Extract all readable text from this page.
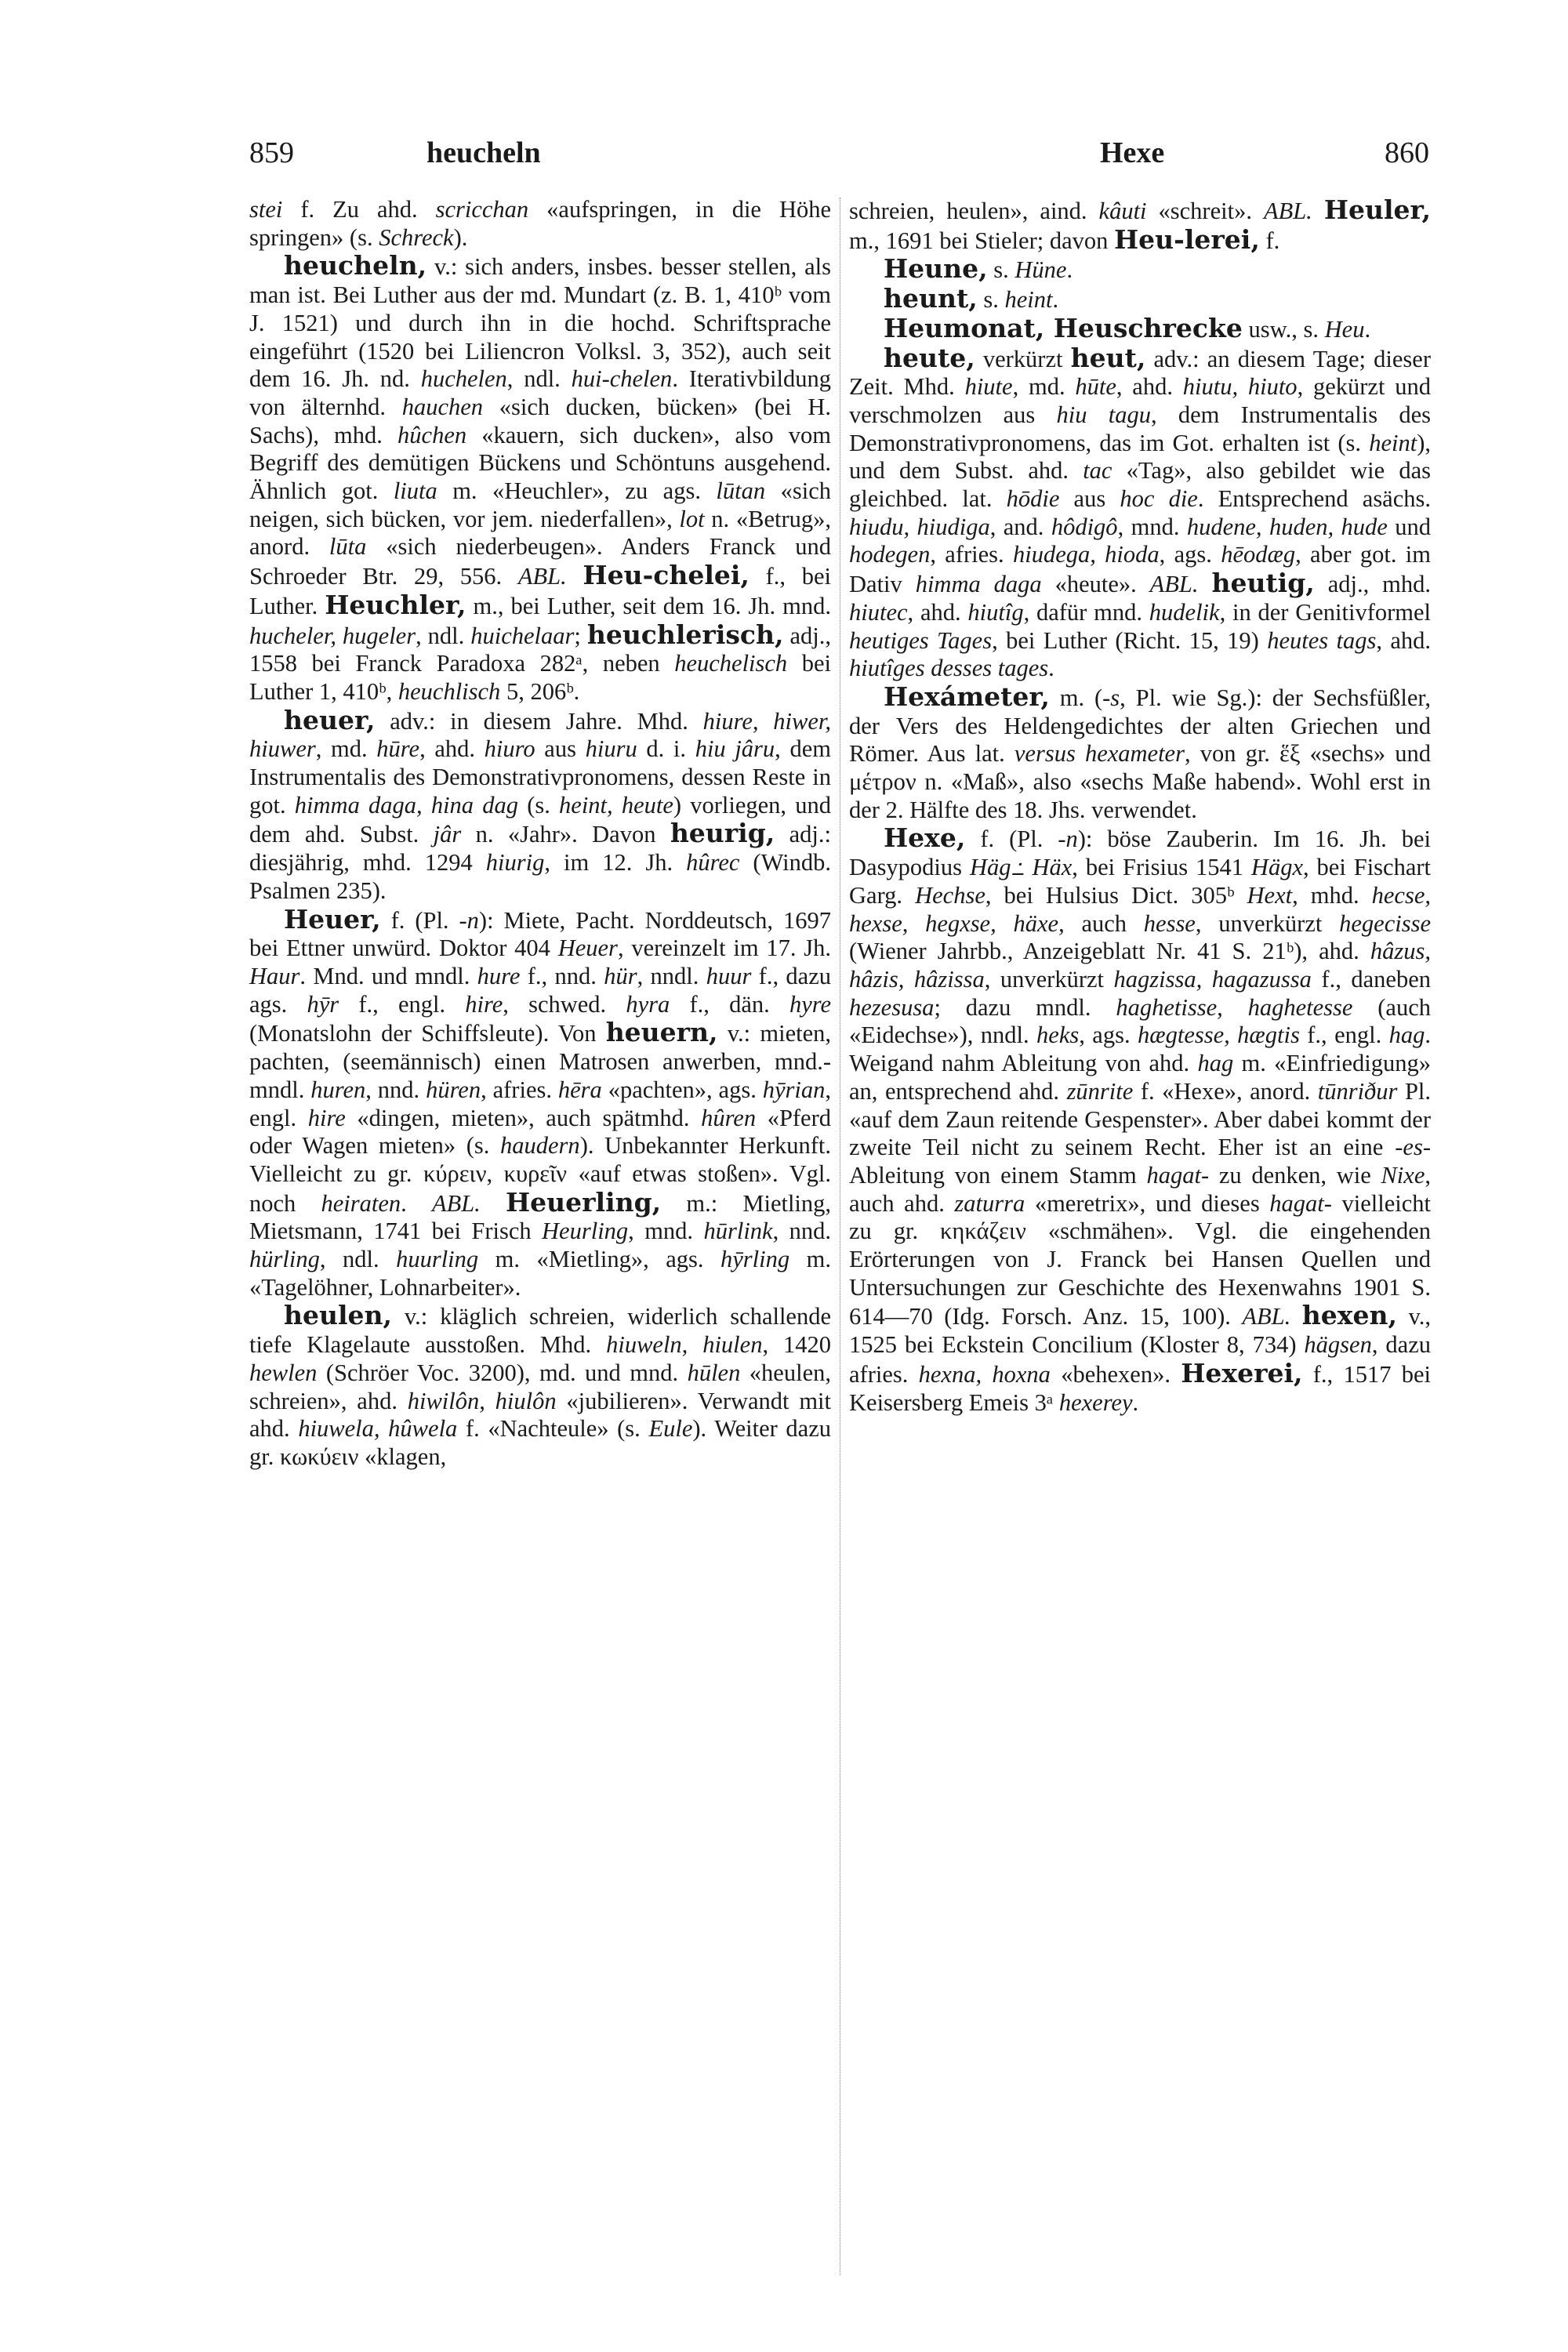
859	heucheln	Hexe	860

stei f. Zu ahd. scricchan «aufspringen, in die Höhe springen» (s. Schreck).

heucheln, v.: sich anders, insbes. besser stellen, als man ist. Bei Luther aus der md. Mundart (z. B. 1, 410ᵇ vom J. 1521) und durch ihn in die hochd. Schriftsprache eingeführt (1520 bei Liliencron Volksl. 3, 352), auch seit dem 16. Jh. nd. huchelen, ndl. hui-chelen. Iterativbildung von älternhd. hauchen «sich ducken, bücken» (bei H. Sachs), mhd. hûchen «kauern, sich ducken», also vom Begriff des demütigen Bückens und Schöntuns ausgehend. Ähnlich got. liuta m. «Heuchler», zu ags. lūtan «sich neigen, sich bücken, vor jem. niederfallen», lot n. «Betrug», anord. lūta «sich niederbeugen». Anders Franck und Schroeder Btr. 29, 556. ABL. Heu-chelei, f., bei Luther. Heuchler, m., bei Luther, seit dem 16. Jh. mnd. hucheler, hugeler, ndl. huichelaar; heuchlerisch, adj., 1558 bei Franck Paradoxa 282ᵃ, neben heuchelisch bei Luther 1, 410ᵇ, heuchlisch 5, 206ᵇ.

heuer, adv.: in diesem Jahre. Mhd. hiure, hiwer, hiuwer, md. hūre, ahd. hiuro aus hiuru d. i. hiu jâru, dem Instrumentalis des Demonstrativpronomens, dessen Reste in got. himma daga, hina dag (s. heint, heute) vorliegen, und dem ahd. Subst. jâr n. «Jahr». Davon heurig, adj.: diesjährig, mhd. 1294 hiurig, im 12. Jh. hûrec (Windb. Psalmen 235).

Heuer, f. (Pl. -n): Miete, Pacht. Norddeutsch, 1697 bei Ettner unwürd. Doktor 404 Heuer, vereinzelt im 17. Jh. Haur. Mnd. und mndl. hure f., nnd. hür, nndl. huur f., dazu ags. hȳr f., engl. hire, schwed. hyra f., dän. hyre (Monatslohn der Schiffsleute). Von heuern, v.: mieten, pachten, (seemännisch) einen Matrosen anwerben, mnd.-mndl. huren, nnd. hüren, afries. hēra «pachten», ags. hȳrian, engl. hire «dingen, mieten», auch spätmhd. hûren «Pferd oder Wagen mieten» (s. haudern). Unbekannter Herkunft. Vielleicht zu gr. κύρειν, κυρεῖν «auf etwas stoßen». Vgl. noch heiraten. ABL. Heuerling, m.: Mietling, Mietsmann, 1741 bei Frisch Heurling, mnd. hūrlink, nnd. hürling, ndl. huurling m. «Mietling», ags. hȳrling m. «Tagelöhner, Lohnarbeiter».

heulen, v.: kläglich schreien, widerlich schallende tiefe Klagelaute ausstoßen. Mhd. hiuweln, hiulen, 1420 hewlen (Schröer Voc. 3200), md. und mnd. hūlen «heulen, schreien», ahd. hiwilôn, hiulôn «jubilieren». Verwandt mit ahd. hiuwela, hûwela f. «Nachteule» (s. Eule). Weiter dazu gr. κωκύειν «klagen,

schreien, heulen», aind. kâuti «schreit». ABL. Heuler, m., 1691 bei Stieler; davon Heu-lerei, f.

Heune, s. Hüne.

heunt, s. heint.

Heumonat, Heuschrecke usw., s. Heu.

heute, verkürzt heut, adv.: an diesem Tage; dieser Zeit. Mhd. hiute, md. hūte, ahd. hiutu, hiuto, gekürzt und verschmolzen aus hiu tagu, dem Instrumentalis des Demonstrativpronomens, das im Got. erhalten ist (s. heint), und dem Subst. ahd. tac «Tag», also gebildet wie das gleichbed. lat. hōdie aus hoc die. Entsprechend asächs. hiudu, hiudiga, and. hôdigô, mnd. hudene, huden, hude und hodegen, afries. hiudega, hioda, ags. hēodæg, aber got. im Dativ himma daga «heute». ABL. heutig, adj., mhd. hiutec, ahd. hiutîg, dafür mnd. hudelik, in der Genitivformel heutiges Tages, bei Luther (Richt. 15, 19) heutes tags, ahd. hiutîges desses tages.

Hexámeter, m. (-s, Pl. wie Sg.): der Sechsfüßler, der Vers des Heldengedichtes der alten Griechen und Römer. Aus lat. versus hexameter, von gr. ἕξ «sechs» und μέτρον n. «Maß», also «sechs Maße habend». Wohl erst in der 2. Hälfte des 18. Jhs. verwendet.

Hexe, f. (Pl. -n): böse Zauberin. Im 16. Jh. bei Dasypodius Häg߸ Häx, bei Frisius 1541 Hägx, bei Fischart Garg. Hechse, bei Hulsius Dict. 305ᵇ Hext, mhd. hecse, hexse, hegxse, häxe, auch hesse, unverkürzt hegecisse (Wiener Jahrbb., Anzeigeblatt Nr. 41 S. 21ᵇ), ahd. hâzus, hâzis, hâzissa, unverkürzt hagzissa, hagazussa f., daneben hezesusa; dazu mndl. haghetisse, haghetesse (auch «Eidechse»), nndl. heks, ags. hægtesse, hægtis f., engl. hag. Weigand nahm Ableitung von ahd. hag m. «Einfriedigung» an, entsprechend ahd. zūnrite f. «Hexe», anord. tūnriður Pl. «auf dem Zaun reitende Gespenster». Aber dabei kommt der zweite Teil nicht zu seinem Recht. Eher ist an eine -es-Ableitung von einem Stamm hagat- zu denken, wie Nixe, auch ahd. zaturra «meretrix», und dieses hagat- vielleicht zu gr. κηκάζειν «schmähen». Vgl. die eingehenden Erörterungen von J. Franck bei Hansen Quellen und Untersuchungen zur Geschichte des Hexenwahns 1901 S. 614—70 (Idg. Forsch. Anz. 15, 100). ABL. hexen, v., 1525 bei Eckstein Concilium (Kloster 8, 734) hägsen, dazu afries. hexna, hoxna «behexen». Hexerei, f., 1517 bei Keisersberg Emeis 3ᵃ hexerey.
